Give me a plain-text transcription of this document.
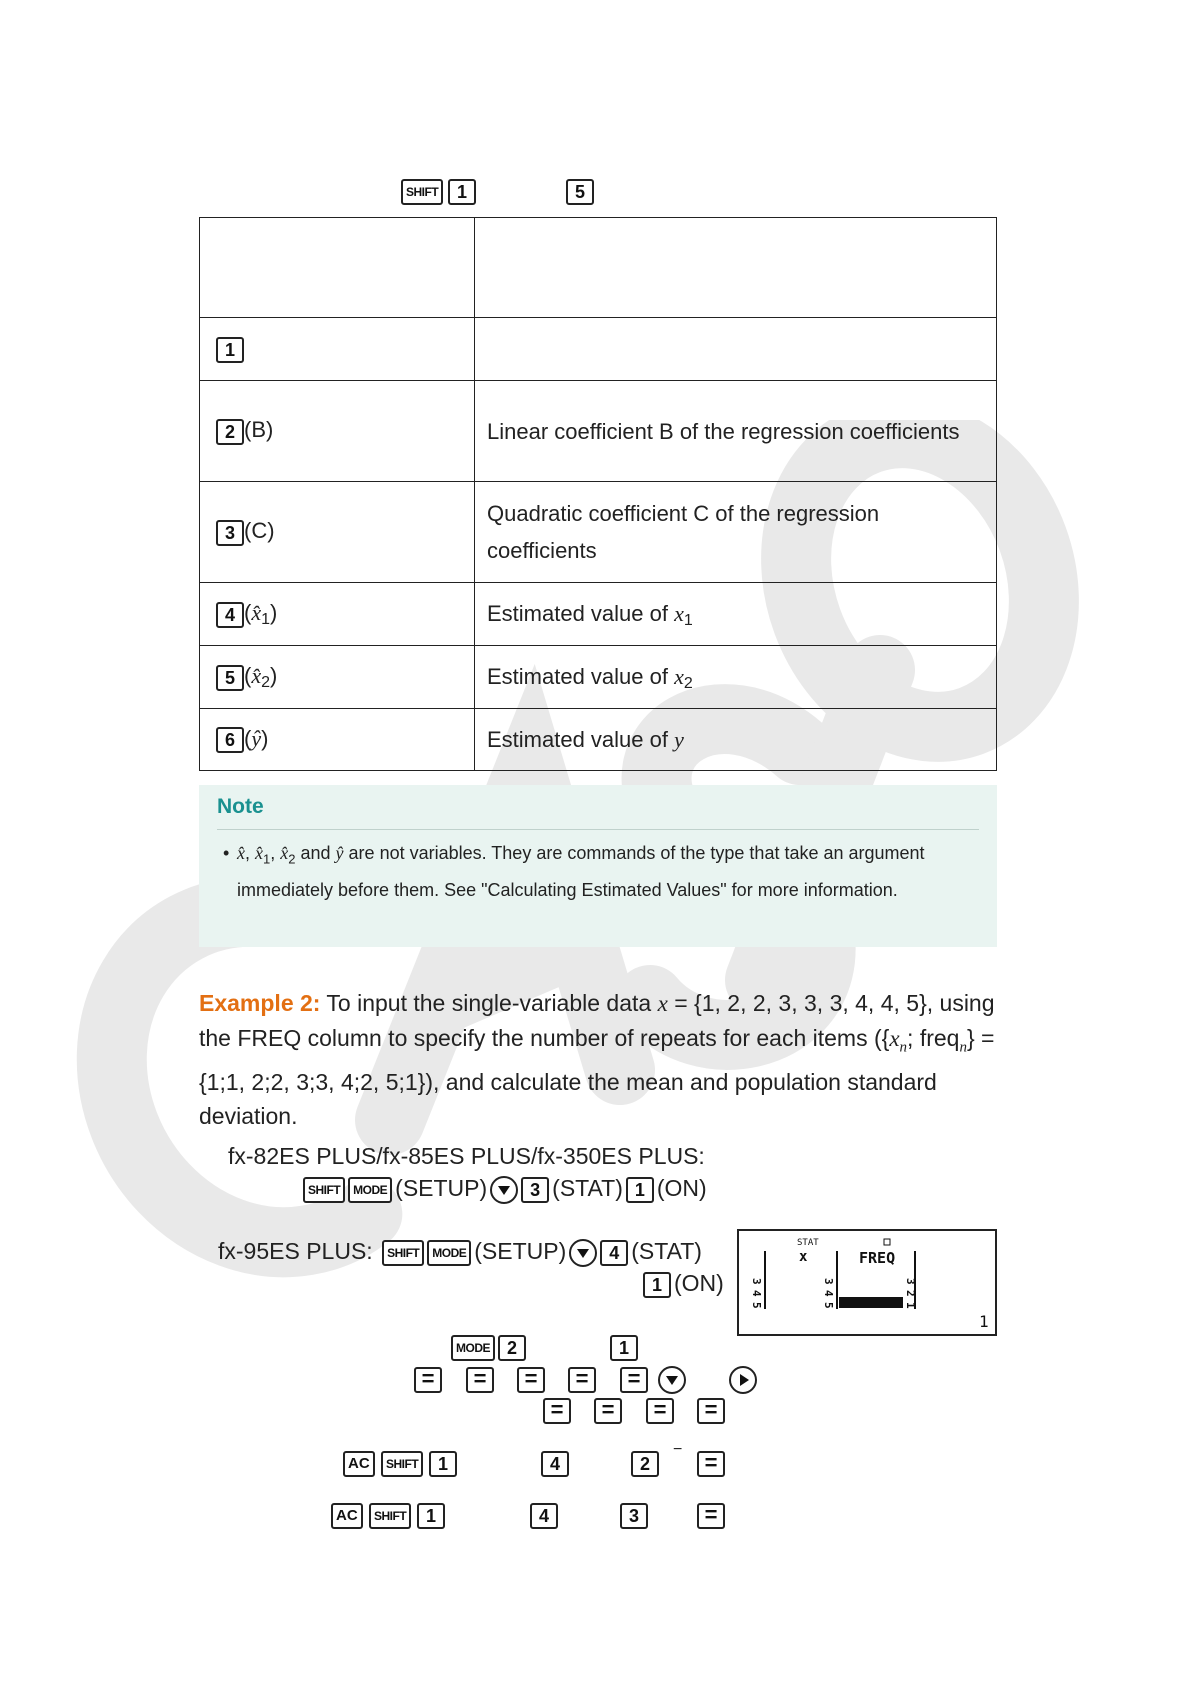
SHIFT	1	5

1	
2 (B)	Linear coefficient B of the regression coefficients
3 (C)	Quadratic coefficient C of the regression coefficients
4 (x̂1)	Estimated value of x1
5 (x̂2)	Estimated value of x2
6 (ŷ)	Estimated value of y
Note
• x̂, $x̂_1$, $x̂_2$ and ŷ are not variables. They are commands of the type that take an argument immediately before them. See "Calculating Estimated Values" for more information.
Example 2: To input the single-variable data x = {1, 2, 2, 3, 3, 3, 4, 4, 5}, using the FREQ column to specify the number of repeats for each items ({$x_n$; freq$_n$} = {1;1, 2;2, 3;3, 4;2, 5;1}), and calculate the mean and population standard deviation.
fx-82ES PLUS/fx-85ES PLUS/fx-350ES PLUS:
SHIFT MODE (SETUP) 3 (STAT) 1 (ON)
fx-95ES PLUS: SHIFT MODE (SETUP) 4 (STAT)
1 (ON)
STAT
x	FREQ
3
4
5
3
4
5
3
2
1
1
MODE 2	1
=	=	=	=	=

=	=	=	=
AC	SHIFT	1	4	2
−
=
AC	SHIFT	1	4	3	=
